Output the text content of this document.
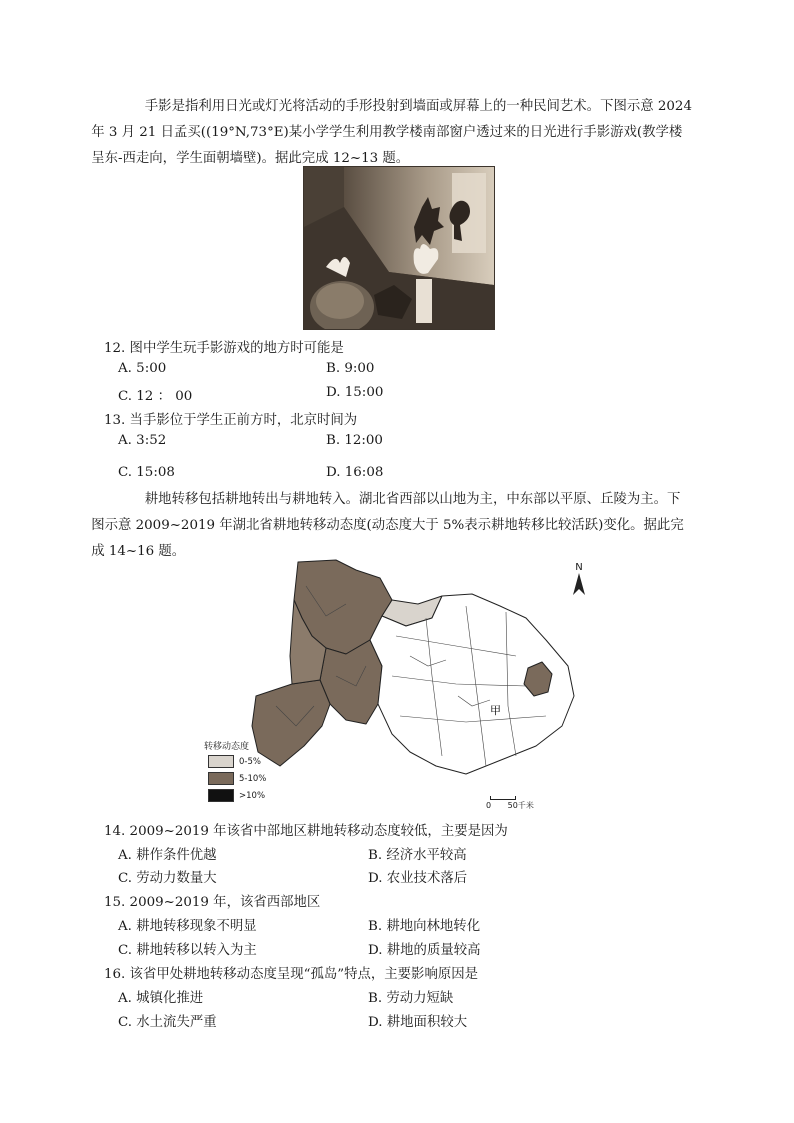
手影是指利用日光或灯光将活动的手形投射到墙面或屏幕上的一种民间艺术。下图示意 2024
年 3 月 21 日孟买((19°N,73°E)某小学学生利用教学楼南部窗户透过来的日光进行手影游戏(教学楼
呈东-西走向，学生面朝墙壁)。据此完成 12~13 题。

12. 图中学生玩手影游戏的地方时可能是
A. 5:00	B. 9:00
C. 12 ： 00	D. 15:00
13. 当手影位于学生正前方时，北京时间为
A. 3:52	B. 12:00
C. 15:08	D. 16:08

耕地转移包括耕地转出与耕地转入。湖北省西部以山地为主，中东部以平原、丘陵为主。下
图示意 2009~2019 年湖北省耕地转移动态度(动态度大于 5%表示耕地转移比较活跃)变化。据此完
成 14~16 题。

甲
N
转移动态度
0-5%
5-10%
>10%
0 50千米
14. 2009~2019 年该省中部地区耕地转移动态度较低，主要是因为
A. 耕作条件优越	B. 经济水平较高
C. 劳动力数量大	D. 农业技术落后
15. 2009~2019 年，该省西部地区
A. 耕地转移现象不明显	B. 耕地向林地转化
C. 耕地转移以转入为主	D. 耕地的质量较高
16. 该省甲处耕地转移动态度呈现“孤岛”特点，主要影响原因是
A. 城镇化推进	B. 劳动力短缺
C. 水土流失严重	D. 耕地面积较大
